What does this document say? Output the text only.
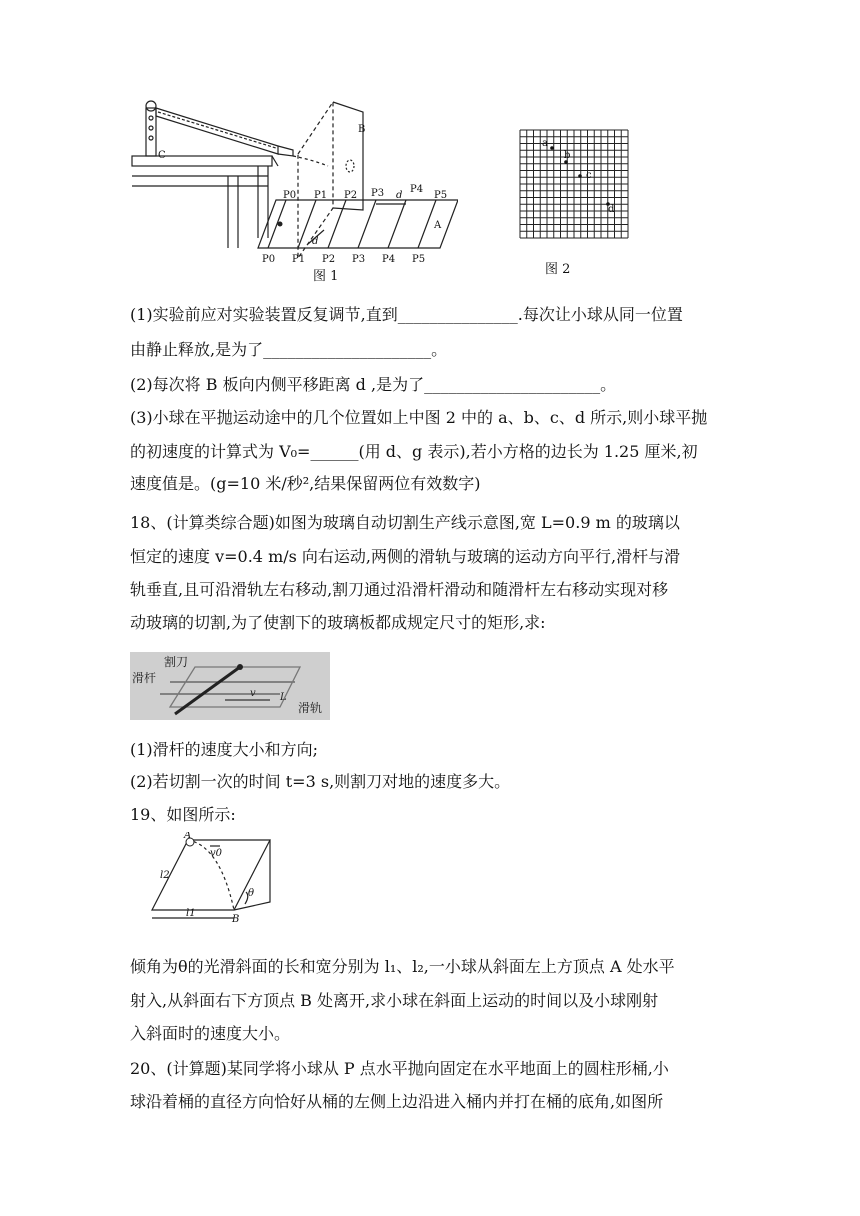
C
B
A
d
d
P0 P1 P2 P3	P4
P5
P0 P1 P2 P3 P4 P5
图 1
a
b
c
d
图 2
(1)实验前应对实验装置反复调节,直到_______________.每次让小球从同一位置
由静止释放,是为了_____________________。
(2)每次将 B 板向内侧平移距离 d ,是为了______________________。
(3)小球在平抛运动途中的几个位置如上中图 2 中的 a、b、c、d 所示,则小球平抛
的初速度的计算式为 V₀=______(用 d、g 表示),若小方格的边长为 1.25 厘米,初
速度值是。(g=10 米/秒²,结果保留两位有效数字)
18、(计算类综合题)如图为玻璃自动切割生产线示意图,宽 L=0.9 m 的玻璃以
恒定的速度 v=0.4 m/s 向右运动,两侧的滑轨与玻璃的运动方向平行,滑杆与滑
轨垂直,且可沿滑轨左右移动,割刀通过沿滑杆滑动和随滑杆左右移动实现对移
动玻璃的切割,为了使割下的玻璃板都成规定尺寸的矩形,求:
割刀
滑杆
滑轨
v L
(1)滑杆的速度大小和方向;
(2)若切割一次的时间 t=3 s,则割刀对地的速度多大。
19、如图所示:
A
B
v0
θ
l1
l2
倾角为θ的光滑斜面的长和宽分别为 l₁、l₂,一小球从斜面左上方顶点 A 处水平
射入,从斜面右下方顶点 B 处离开,求小球在斜面上运动的时间以及小球刚射
入斜面时的速度大小。
20、(计算题)某同学将小球从 P 点水平抛向固定在水平地面上的圆柱形桶,小
球沿着桶的直径方向恰好从桶的左侧上边沿进入桶内并打在桶的底角,如图所
